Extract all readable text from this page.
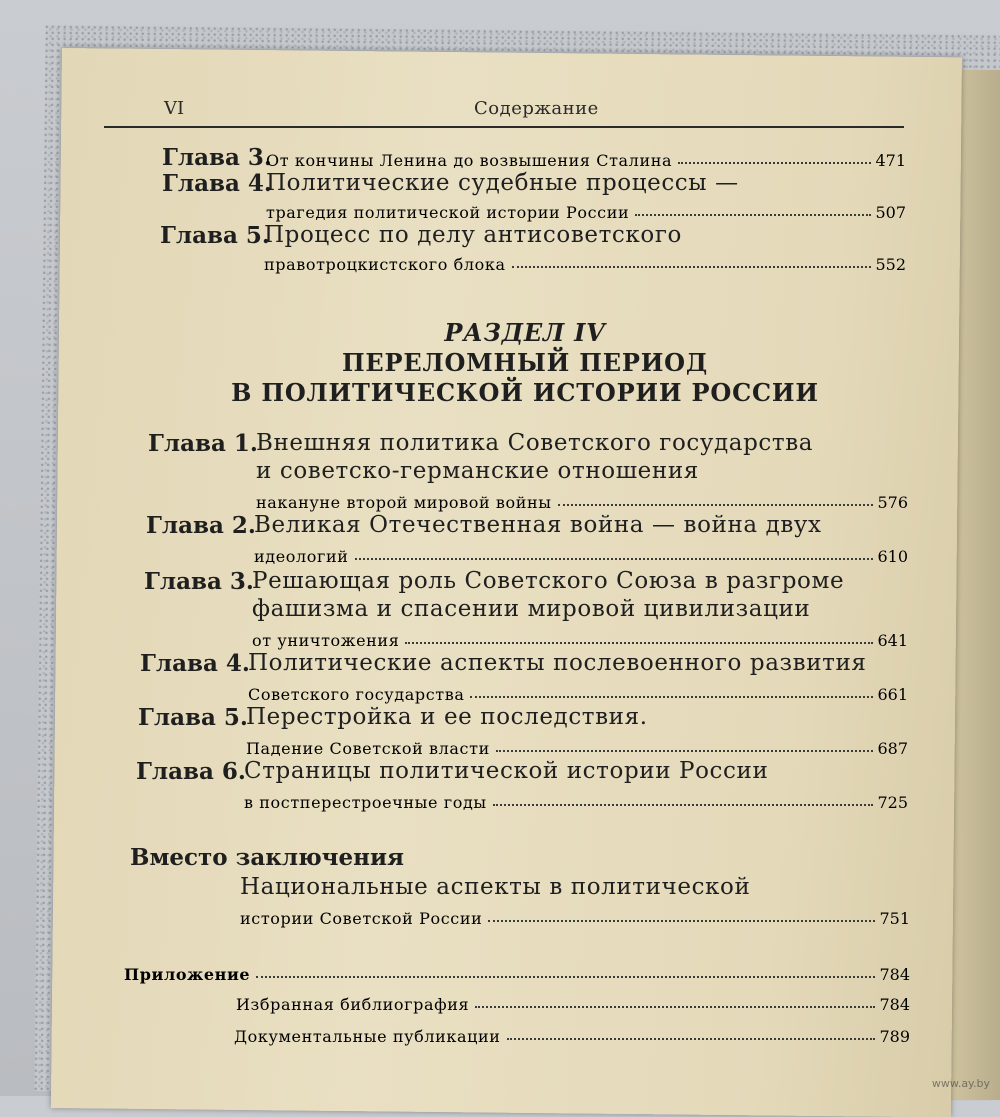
VI	Содержание
Глава 3.
От кончины Ленина до возвышения Сталина	471
Глава 4.
Политические судебные процессы —
трагедия политической истории России	507
Глава 5.
Процесс по делу антисоветского
правотроцкистского блока	552
РАЗДЕЛ IV
ПЕРЕЛОМНЫЙ ПЕРИОД
В ПОЛИТИЧЕСКОЙ ИСТОРИИ РОССИИ
Глава 1.
Внешняя политика Советского государства
и советско-германские отношения
накануне второй мировой войны	576
Глава 2.
Великая Отечественная война — война двух
идеологий	610
Глава 3.
Решающая роль Советского Союза в разгроме
фашизма и спасении мировой цивилизации
от уничтожения	641
Глава 4.
Политические аспекты послевоенного развития
Советского государства	661
Глава 5.
Перестройка и ее последствия.
Падение Советской власти	687
Глава 6.
Страницы политической истории России
в постперестроечные годы	725
Вместо заключения
Национальные аспекты в политической
истории Советской России	751
Приложение	784
Избранная библиография	784
Документальные публикации	789
www.ay.by
